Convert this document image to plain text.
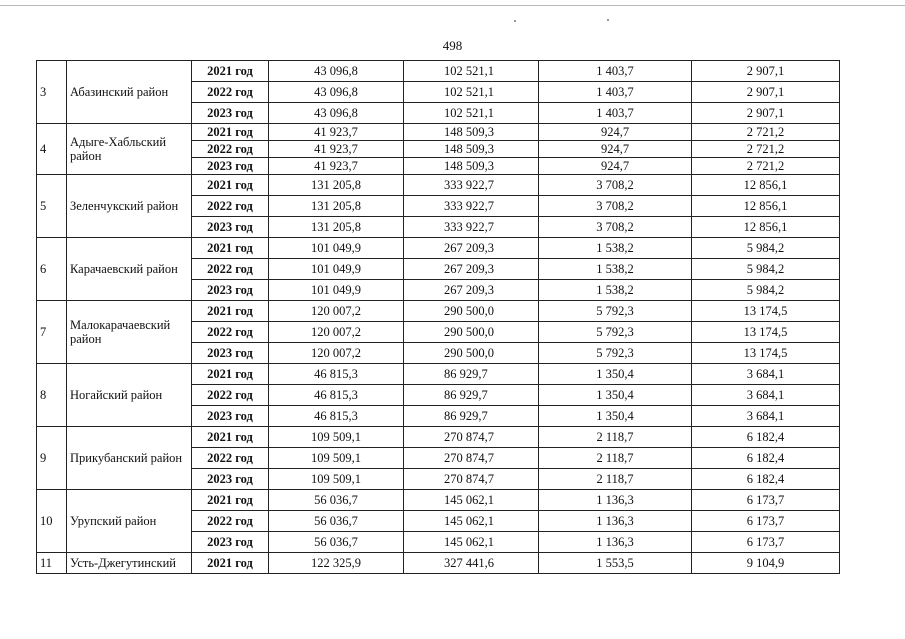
498
3	Абазинский район	2021 год	43 096,8	102 521,1	1 403,7	2 907,1
		2022 год	43 096,8	102 521,1	1 403,7	2 907,1
		2023 год	43 096,8	102 521,1	1 403,7	2 907,1
4	Адыге-Хабльский район	2021 год	41 923,7	148 509,3	924,7	2 721,2
		2022 год	41 923,7	148 509,3	924,7	2 721,2
		2023 год	41 923,7	148 509,3	924,7	2 721,2
5	Зеленчукский район	2021 год	131 205,8	333 922,7	3 708,2	12 856,1
		2022 год	131 205,8	333 922,7	3 708,2	12 856,1
		2023 год	131 205,8	333 922,7	3 708,2	12 856,1
6	Карачаевский район	2021 год	101 049,9	267 209,3	1 538,2	5 984,2
		2022 год	101 049,9	267 209,3	1 538,2	5 984,2
		2023 год	101 049,9	267 209,3	1 538,2	5 984,2
7	Малокарачаевский район	2021 год	120 007,2	290 500,0	5 792,3	13 174,5
		2022 год	120 007,2	290 500,0	5 792,3	13 174,5
		2023 год	120 007,2	290 500,0	5 792,3	13 174,5
8	Ногайский район	2021 год	46 815,3	86 929,7	1 350,4	3 684,1
		2022 год	46 815,3	86 929,7	1 350,4	3 684,1
		2023 год	46 815,3	86 929,7	1 350,4	3 684,1
9	Прикубанский район	2021 год	109 509,1	270 874,7	2 118,7	6 182,4
		2022 год	109 509,1	270 874,7	2 118,7	6 182,4
		2023 год	109 509,1	270 874,7	2 118,7	6 182,4
10	Урупский район	2021 год	56 036,7	145 062,1	1 136,3	6 173,7
		2022 год	56 036,7	145 062,1	1 136,3	6 173,7
		2023 год	56 036,7	145 062,1	1 136,3	6 173,7
11	Усть-Джегутинский	2021 год	122 325,9	327 441,6	1 553,5	9 104,9
